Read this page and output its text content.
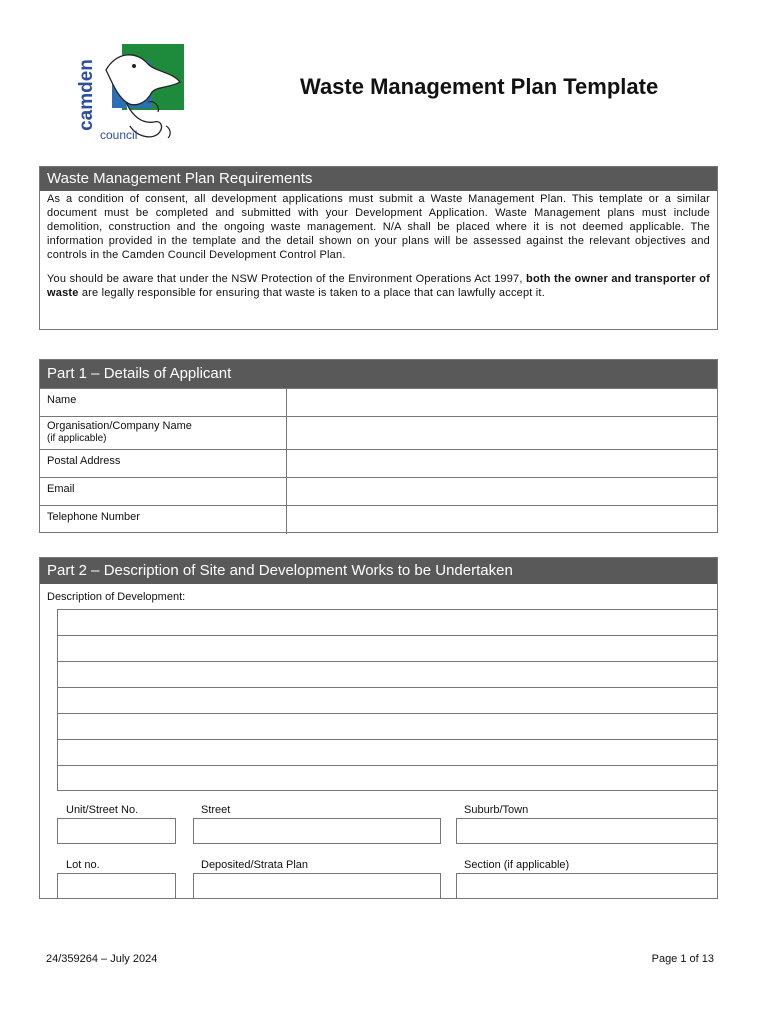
camden
council
Waste Management Plan Template
Waste Management Plan Requirements

As a condition of consent, all development applications must submit a Waste Management Plan. This template or a similar document must be completed and submitted with your Development Application. Waste Management plans must include demolition, construction and the ongoing waste management. N/A shall be placed where it is not deemed applicable. The information provided in the template and the detail shown on your plans will be assessed against the relevant objectives and controls in the Camden Council Development Control Plan.

You should be aware that under the NSW Protection of the Environment Operations Act 1997, both the owner and transporter of waste are legally responsible for ensuring that waste is taken to a place that can lawfully accept it.

Part 1 – Details of Applicant
Name	
Organisation/Company Name
(if applicable)	

Postal Address	
Email	
Telephone Number	
Part 2 – Description of Site and Development Works to be Undertaken
Description of Development:
Unit/Street No.	Street	Suburb/Town
Lot no.	Deposited/Strata Plan	Section (if applicable)
24/359264 – July 2024	Page 1 of 13
